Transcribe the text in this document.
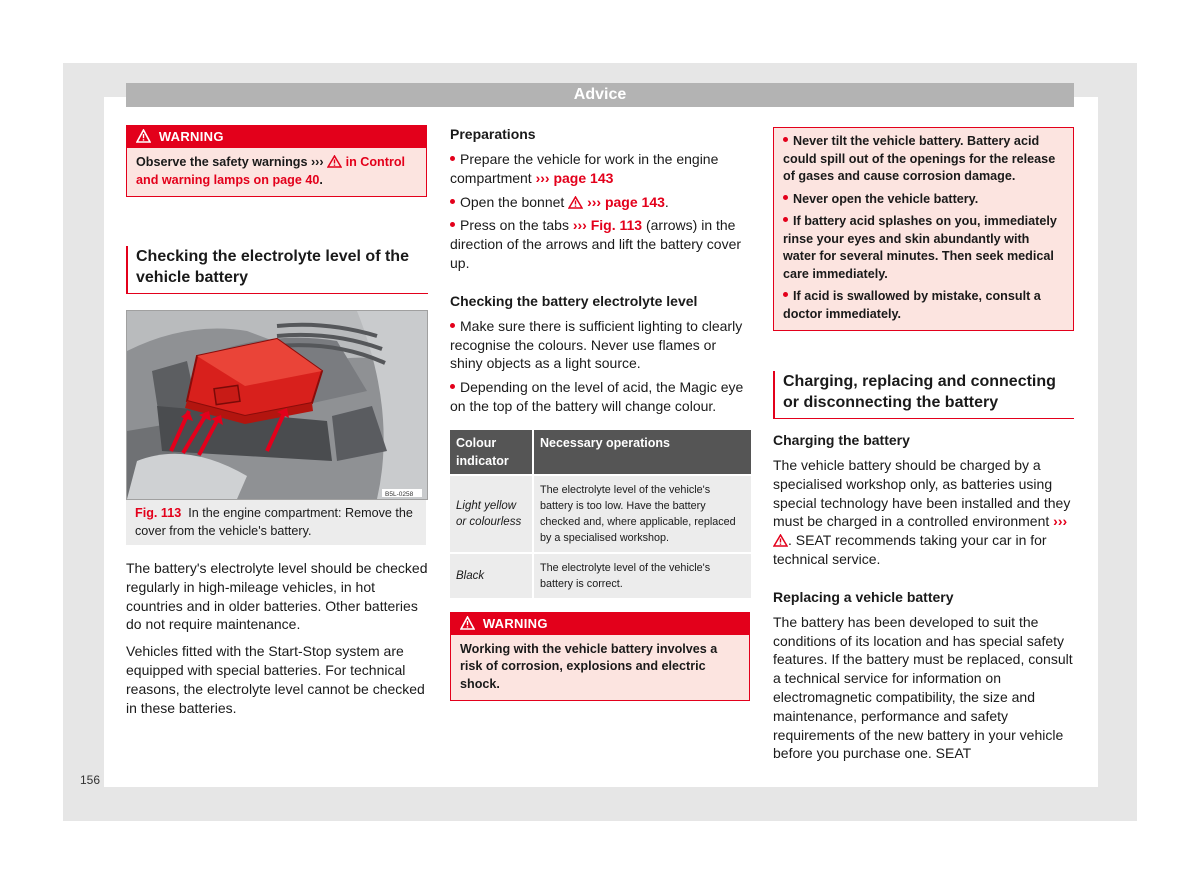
Advice
WARNING
Observe the safety warnings ››› in Control and warning lamps on page 40.
Checking the electrolyte level of the vehicle battery
B5L-0258
Fig. 113 In the engine compartment: Remove the cover from the vehicle's battery.

The battery's electrolyte level should be checked regularly in high-mileage vehicles, in hot countries and in older batteries. Other batteries do not require maintenance.

Vehicles fitted with the Start-Stop system are equipped with special batteries. For technical reasons, the electrolyte level cannot be checked in these batteries.

Preparations

Prepare the vehicle for work in the engine compartment ››› page 143

Open the bonnet  ››› page 143.

Press on the tabs ››› Fig. 113 (arrows) in the direction of the arrows and lift the battery cover up.

Checking the battery electrolyte level

Make sure there is sufficient lighting to clearly recognise the colours. Never use flames or shiny objects as a light source.

Depending on the level of acid, the Magic eye on the top of the battery will change colour.

Colour indicator	Necessary operations
Light yellow or colourless	The electrolyte level of the vehicle's battery is too low. Have the battery checked and, where applicable, replaced by a specialised workshop.
Black	The electrolyte level of the vehicle's battery is correct.
WARNING
Working with the vehicle battery involves a risk of corrosion, explosions and electric shock.

Never tilt the vehicle battery. Battery acid could spill out of the openings for the release of gases and cause corrosion damage.

Never open the vehicle battery.

If battery acid splashes on you, immediately rinse your eyes and skin abundantly with water for several minutes. Then seek medical care immediately.

If acid is swallowed by mistake, consult a doctor immediately.

Charging, replacing and connecting or disconnecting the battery
Charging the battery

The vehicle battery should be charged by a specialised workshop only, as batteries using special technology have been installed and they must be charged in a controlled environment ››› . SEAT recommends taking your car in for technical service.

Replacing a vehicle battery

The battery has been developed to suit the conditions of its location and has special safety features. If the battery must be replaced, consult a technical service for information on electromagnetic compatibility, the size and maintenance, performance and safety requirements of the new battery in your vehicle before you purchase one. SEAT

156
